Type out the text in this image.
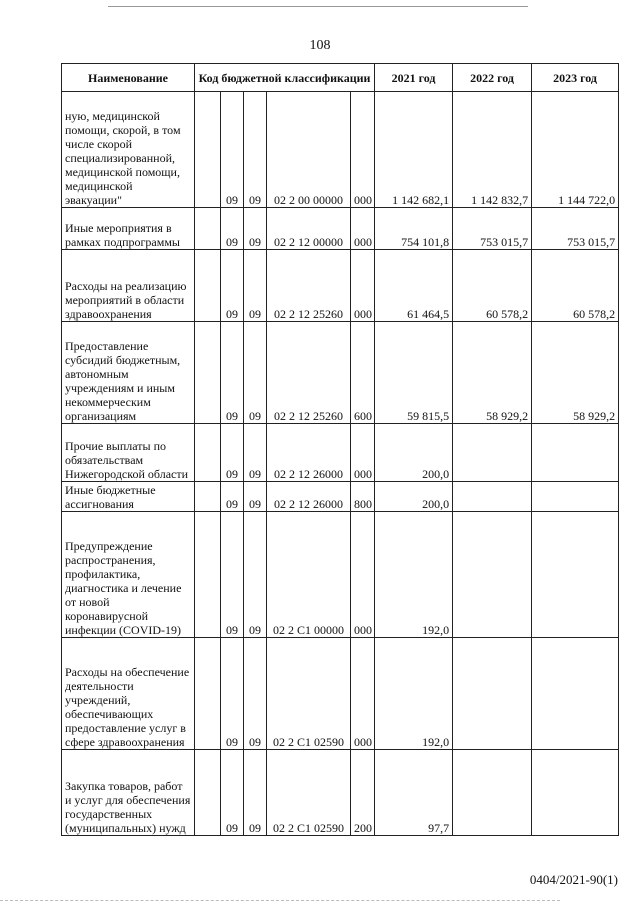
108
Наименование	Код бюджетной классификации					2021 год	2022 год	2023 год
ную, медицинской помощи, скорой, в том числе скорой специализированной, медицинской помощи, медицинской эвакуации"		09	09	02 2 00 00000	000	1 142 682,1	1 142 832,7	1 144 722,0
Иные мероприятия в рамках подпрограммы		09	09	02 2 12 00000	000	754 101,8	753 015,7	753 015,7
Расходы на реализацию мероприятий в области здравоохранения		09	09	02 2 12 25260	000	61 464,5	60 578,2	60 578,2
Предоставление субсидий бюджетным, автономным учреждениям и иным некоммерческим организациям		09	09	02 2 12 25260	600	59 815,5	58 929,2	58 929,2
Прочие выплаты по обязательствам Нижегородской области		09	09	02 2 12 26000	000	200,0		
Иные бюджетные ассигнования		09	09	02 2 12 26000	800	200,0		
Предупреждение распространения, профилактика, диагностика и лечение от новой коронавирусной инфекции (COVID-19)		09	09	02 2 C1 00000	000	192,0		
Расходы на обеспечение деятельности учреждений, обеспечивающих предоставление услуг в сфере здравоохранения		09	09	02 2 C1 02590	000	192,0		
Закупка товаров, работ и услуг для обеспечения государственных (муниципальных) нужд		09	09	02 2 C1 02590	200	97,7		
0404/2021-90(1)
